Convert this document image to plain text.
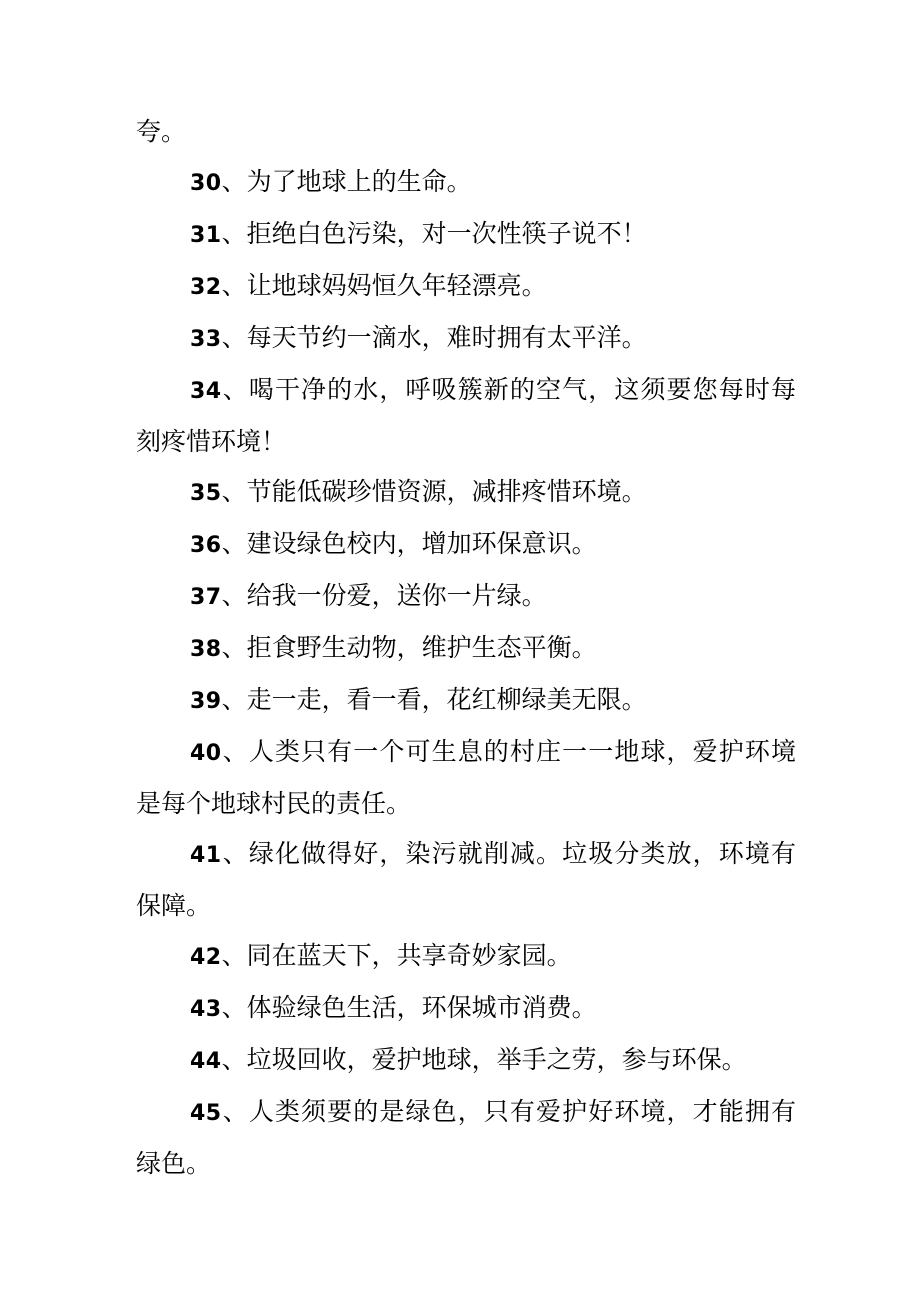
夸。

30、为了地球上的生命。

31、拒绝白色污染，对一次性筷子说不！

32、让地球妈妈恒久年轻漂亮。

33、每天节约一滴水，难时拥有太平洋。

34、喝干净的水，呼吸簇新的空气，这须要您每时每刻疼惜环境！

35、节能低碳珍惜资源，减排疼惜环境。

36、建设绿色校内，增加环保意识。

37、给我一份爱，送你一片绿。

38、拒食野生动物，维护生态平衡。

39、走一走，看一看，花红柳绿美无限。

40、人类只有一个可生息的村庄一一地球，爱护环境是每个地球村民的责任。

41、绿化做得好，染污就削减。垃圾分类放，环境有保障。

42、同在蓝天下，共享奇妙家园。

43、体验绿色生活，环保城市消费。

44、垃圾回收，爱护地球，举手之劳，参与环保。

45、人类须要的是绿色，只有爱护好环境，才能拥有绿色。
